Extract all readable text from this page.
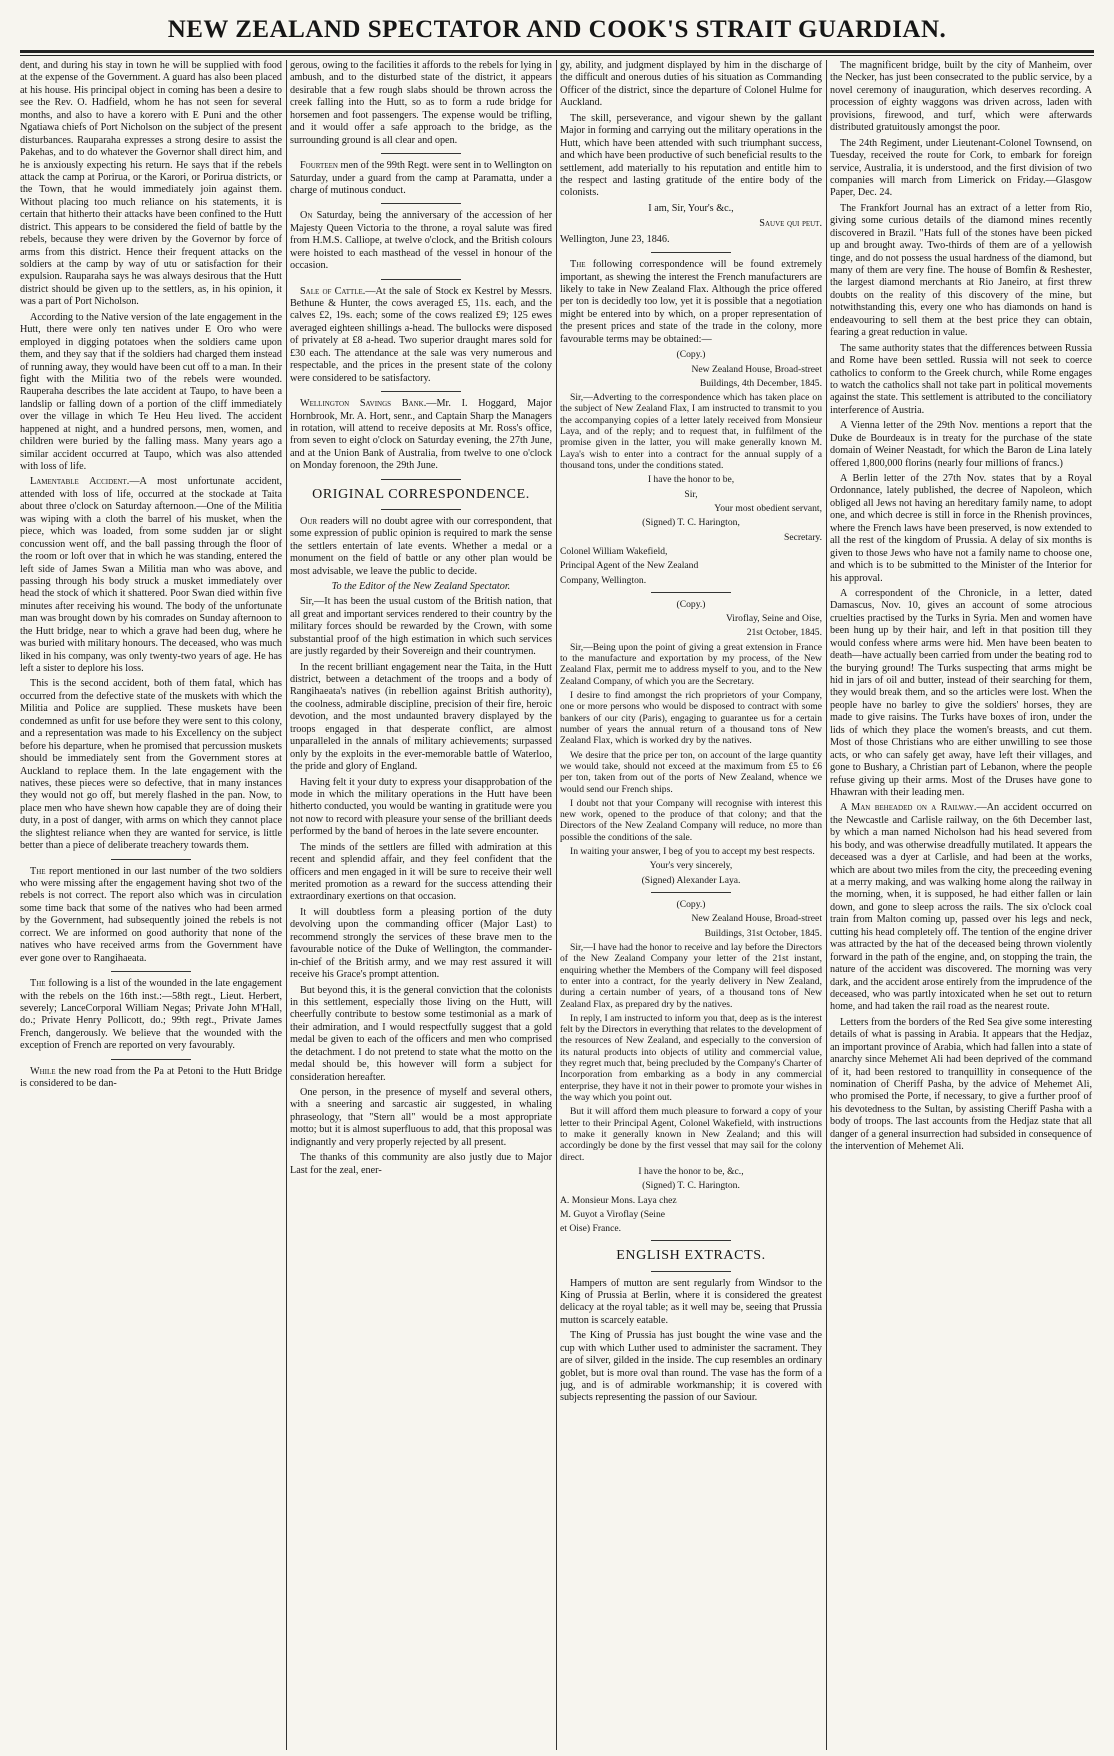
NEW ZEALAND SPECTATOR AND COOK'S STRAIT GUARDIAN.

dent, and during his stay in town he will be supplied with food at the expense of the Government. A guard has also been placed at his house. His principal object in coming has been a desire to see the Rev. O. Hadfield, whom he has not seen for several months, and also to have a korero with E Puni and the other Ngatiawa chiefs of Port Nicholson on the subject of the present disturbances. Rauparaha expresses a strong desire to assist the Pakehas, and to do whatever the Governor shall direct him, and he is anxiously expecting his return. He says that if the rebels attack the camp at Porirua, or the Karori, or Porirua districts, or the Town, that he would immediately join against them. Without placing too much reliance on his statements, it is certain that hitherto their attacks have been confined to the Hutt district. This appears to be considered the field of battle by the rebels, because they were driven by the Governor by force of arms from this district. Hence their frequent attacks on the soldiers at the camp by way of utu or satisfaction for their expulsion. Rauparaha says he was always desirous that the Hutt district should be given up to the settlers, as, in his opinion, it was a part of Port Nicholson.

According to the Native version of the late engagement in the Hutt, there were only ten natives under E Oro who were employed in digging potatoes when the soldiers came upon them, and they say that if the soldiers had charged them instead of running away, they would have been cut off to a man. In their fight with the Militia two of the rebels were wounded. Rauperaha describes the late accident at Taupo, to have been a landslip or falling down of a portion of the cliff immediately over the village in which Te Heu Heu lived. The accident happened at night, and a hundred persons, men, women, and children were buried by the falling mass. Many years ago a similar accident occurred at Taupo, which was also attended with loss of life.

Lamentable Accident.—A most unfortunate accident, attended with loss of life, occurred at the stockade at Taita about three o'clock on Saturday afternoon.—One of the Militia was wiping with a cloth the barrel of his musket, when the piece, which was loaded, from some sudden jar or slight concussion went off, and the ball passing through the floor of the room or loft over that in which he was standing, entered the left side of James Swan a Militia man who was above, and passing through his body struck a musket immediately over head the stock of which it shattered. Poor Swan died within five minutes after receiving his wound. The body of the unfortunate man was brought down by his comrades on Sunday afternoon to the Hutt bridge, near to which a grave had been dug, where he was buried with military honours. The deceased, who was much liked in his company, was only twenty-two years of age. He has left a sister to deplore his loss.

This is the second accident, both of them fatal, which has occurred from the defective state of the muskets with which the Militia and Police are supplied. These muskets have been condemned as unfit for use before they were sent to this colony, and a representation was made to his Excellency on the subject before his departure, when he promised that percussion muskets should be immediately sent from the Government stores at Auckland to replace them. In the late engagement with the natives, these pieces were so defective, that in many instances they would not go off, but merely flashed in the pan. Now, to place men who have shewn how capable they are of doing their duty, in a post of danger, with arms on which they cannot place the slightest reliance when they are wanted for service, is little better than a piece of deliberate treachery towards them.

The report mentioned in our last number of the two soldiers who were missing after the engagement having shot two of the rebels is not correct. The report also which was in circulation some time back that some of the natives who had been armed by the Government, had subsequently joined the rebels is not correct. We are informed on good authority that none of the natives who have received arms from the Government have ever gone over to Rangihaeata.

The following is a list of the wounded in the late engagement with the rebels on the 16th inst.:—58th regt., Lieut. Herbert, severely; LanceCorporal William Negas; Private John M'Hall, do.; Private Henry Pollicott, do.; 99th regt., Private James French, dangerously. We believe that the wounded with the exception of French are reported on very favourably.

While the new road from the Pa at Petoni to the Hutt Bridge is considered to be dan-

gerous, owing to the facilities it affords to the rebels for lying in ambush, and to the disturbed state of the district, it appears desirable that a few rough slabs should be thrown across the creek falling into the Hutt, so as to form a rude bridge for horsemen and foot passengers. The expense would be trifling, and it would offer a safe approach to the bridge, as the surrounding ground is all clear and open.

Fourteen men of the 99th Regt. were sent in to Wellington on Saturday, under a guard from the camp at Paramatta, under a charge of mutinous conduct.

On Saturday, being the anniversary of the accession of her Majesty Queen Victoria to the throne, a royal salute was fired from H.M.S. Calliope, at twelve o'clock, and the British colours were hoisted to each masthead of the vessel in honour of the occasion.

Sale of Cattle.—At the sale of Stock ex Kestrel by Messrs. Bethune & Hunter, the cows averaged £5, 11s. each, and the calves £2, 19s. each; some of the cows realized £9; 125 ewes averaged eighteen shillings a-head. The bullocks were disposed of privately at £8 a-head. Two superior draught mares sold for £30 each. The attendance at the sale was very numerous and respectable, and the prices in the present state of the colony were considered to be satisfactory.

Wellington Savings Bank.—Mr. I. Hoggard, Major Hornbrook, Mr. A. Hort, senr., and Captain Sharp the Managers in rotation, will attend to receive deposits at Mr. Ross's office, from seven to eight o'clock on Saturday evening, the 27th June, and at the Union Bank of Australia, from twelve to one o'clock on Monday forenoon, the 29th June.

ORIGINAL CORRESPONDENCE.

Our readers will no doubt agree with our correspondent, that some expression of public opinion is required to mark the sense the settlers entertain of late events. Whether a medal or a monument on the field of battle or any other plan would be most advisable, we leave the public to decide.

To the Editor of the New Zealand Spectator.

Sir,—It has been the usual custom of the British nation, that all great and important services rendered to their country by the military forces should be rewarded by the Crown, with some substantial proof of the high estimation in which such services are justly regarded by their Sovereign and their countrymen.

In the recent brilliant engagement near the Taita, in the Hutt district, between a detachment of the troops and a body of Rangihaeata's natives (in rebellion against British authority), the coolness, admirable discipline, precision of their fire, heroic devotion, and the most undaunted bravery displayed by the troops engaged in that desperate conflict, are almost unparalleled in the annals of military achievements; surpassed only by the exploits in the ever-memorable battle of Waterloo, the pride and glory of England.

Having felt it your duty to express your disapprobation of the mode in which the military operations in the Hutt have been hitherto conducted, you would be wanting in gratitude were you not now to record with pleasure your sense of the brilliant deeds performed by the band of heroes in the late severe encounter.

The minds of the settlers are filled with admiration at this recent and splendid affair, and they feel confident that the officers and men engaged in it will be sure to receive their well merited promotion as a reward for the success attending their extraordinary exertions on that occasion.

It will doubtless form a pleasing portion of the duty devolving upon the commanding officer (Major Last) to recommend strongly the services of these brave men to the favourable notice of the Duke of Wellington, the commander-in-chief of the British army, and we may rest assured it will receive his Grace's prompt attention.

But beyond this, it is the general conviction that the colonists in this settlement, especially those living on the Hutt, will cheerfully contribute to bestow some testimonial as a mark of their admiration, and I would respectfully suggest that a gold medal be given to each of the officers and men who comprised the detachment. I do not pretend to state what the motto on the medal should be, this however will form a subject for consideration hereafter.

One person, in the presence of myself and several others, with a sneering and sarcastic air suggested, in whaling phraseology, that "Stern all" would be a most appropriate motto; but it is almost superfluous to add, that this proposal was indignantly and very properly rejected by all present.

The thanks of this community are also justly due to Major Last for the zeal, ener-

gy, ability, and judgment displayed by him in the discharge of the difficult and onerous duties of his situation as Commanding Officer of the district, since the departure of Colonel Hulme for Auckland.

The skill, perseverance, and vigour shewn by the gallant Major in forming and carrying out the military operations in the Hutt, which have been attended with such triumphant success, and which have been productive of such beneficial results to the settlement, add materially to his reputation and entitle him to the respect and lasting gratitude of the entire body of the colonists.

I am, Sir, Your's &c.,

Sauve qui peut.

Wellington, June 23, 1846.

The following correspondence will be found extremely important, as shewing the interest the French manufacturers are likely to take in New Zealand Flax. Although the price offered per ton is decidedly too low, yet it is possible that a negotiation might be entered into by which, on a proper representation of the present prices and state of the trade in the colony, more favourable terms may be obtained:—

(Copy.)

New Zealand House, Broad-street

Buildings, 4th December, 1845.

Sir,—Adverting to the correspondence which has taken place on the subject of New Zealand Flax, I am instructed to transmit to you the accompanying copies of a letter lately received from Monsieur Laya, and of the reply; and to request that, in fulfilment of the promise given in the latter, you will make generally known M. Laya's wish to enter into a contract for the annual supply of a thousand tons, under the conditions stated.

I have the honor to be,

Sir,

Your most obedient servant,

(Signed) T. C. Harington,

Secretary.

Colonel William Wakefield,

Principal Agent of the New Zealand

Company, Wellington.

(Copy.)

Viroflay, Seine and Oise,

21st October, 1845.

Sir,—Being upon the point of giving a great extension in France to the manufacture and exportation by my process, of the New Zealand Flax, permit me to address myself to you, and to the New Zealand Company, of which you are the Secretary.

I desire to find amongst the rich proprietors of your Company, one or more persons who would be disposed to contract with some bankers of our city (Paris), engaging to guarantee us for a certain number of years the annual return of a thousand tons of New Zealand Flax, which is worked dry by the natives.

We desire that the price per ton, on account of the large quantity we would take, should not exceed at the maximum from £5 to £6 per ton, taken from out of the ports of New Zealand, whence we would send our French ships.

I doubt not that your Company will recognise with interest this new work, opened to the produce of that colony; and that the Directors of the New Zealand Company will reduce, no more than possible the conditions of the sale.

In waiting your answer, I beg of you to accept my best respects.

Your's very sincerely,

(Signed) Alexander Laya.

(Copy.)

New Zealand House, Broad-street

Buildings, 31st October, 1845.

Sir,—I have had the honor to receive and lay before the Directors of the New Zealand Company your letter of the 21st instant, enquiring whether the Members of the Company will feel disposed to enter into a contract, for the yearly delivery in New Zealand, during a certain number of years, of a thousand tons of New Zealand Flax, as prepared dry by the natives.

In reply, I am instructed to inform you that, deep as is the interest felt by the Directors in everything that relates to the development of the resources of New Zealand, and especially to the conversion of its natural products into objects of utility and commercial value, they regret much that, being precluded by the Company's Charter of Incorporation from embarking as a body in any commercial enterprise, they have it not in their power to promote your wishes in the way which you point out.

But it will afford them much pleasure to forward a copy of your letter to their Principal Agent, Colonel Wakefield, with instructions to make it generally known in New Zealand; and this will accordingly be done by the first vessel that may sail for the colony direct.

I have the honor to be, &c.,

(Signed) T. C. Harington.

A. Monsieur Mons. Laya chez

M. Guyot a Viroflay (Seine

et Oise) France.

ENGLISH EXTRACTS.

Hampers of mutton are sent regularly from Windsor to the King of Prussia at Berlin, where it is considered the greatest delicacy at the royal table; as it well may be, seeing that Prussia mutton is scarcely eatable.

The King of Prussia has just bought the wine vase and the cup with which Luther used to administer the sacrament. They are of silver, gilded in the inside. The cup resembles an ordinary goblet, but is more oval than round. The vase has the form of a jug, and is of admirable workmanship; it is covered with subjects representing the passion of our Saviour.

The magnificent bridge, built by the city of Manheim, over the Necker, has just been consecrated to the public service, by a novel ceremony of inauguration, which deserves recording. A procession of eighty waggons was driven across, laden with provisions, firewood, and turf, which were afterwards distributed gratuitously amongst the poor.

The 24th Regiment, under Lieutenant-Colonel Townsend, on Tuesday, received the route for Cork, to embark for foreign service, Australia, it is understood, and the first division of two companies will march from Limerick on Friday.—Glasgow Paper, Dec. 24.

The Frankfort Journal has an extract of a letter from Rio, giving some curious details of the diamond mines recently discovered in Brazil. "Hats full of the stones have been picked up and brought away. Two-thirds of them are of a yellowish tinge, and do not possess the usual hardness of the diamond, but many of them are very fine. The house of Bomfin & Reshester, the largest diamond merchants at Rio Janeiro, at first threw doubts on the reality of this discovery of the mine, but notwithstanding this, every one who has diamonds on hand is endeavouring to sell them at the best price they can obtain, fearing a great reduction in value.

The same authority states that the differences between Russia and Rome have been settled. Russia will not seek to coerce catholics to conform to the Greek church, while Rome engages to watch the catholics shall not take part in political movements against the state. This settlement is attributed to the conciliatory interference of Austria.

A Vienna letter of the 29th Nov. mentions a report that the Duke de Bourdeaux is in treaty for the purchase of the state domain of Weiner Neastadt, for which the Baron de Lina lately offered 1,800,000 florins (nearly four millions of francs.)

A Berlin letter of the 27th Nov. states that by a Royal Ordonnance, lately published, the decree of Napoleon, which obliged all Jews not having an hereditary family name, to adopt one, and which decree is still in force in the Rhenish provinces, where the French laws have been preserved, is now extended to all the rest of the kingdom of Prussia. A delay of six months is given to those Jews who have not a family name to choose one, and which is to be submitted to the Minister of the Interior for his approval.

A correspondent of the Chronicle, in a letter, dated Damascus, Nov. 10, gives an account of some atrocious cruelties practised by the Turks in Syria. Men and women have been hung up by their hair, and left in that position till they would confess where arms were hid. Men have been beaten to death—have actually been carried from under the beating rod to the burying ground! The Turks suspecting that arms might be hid in jars of oil and butter, instead of their searching for them, they would break them, and so the articles were lost. When the people have no barley to give the soldiers' horses, they are made to give raisins. The Turks have boxes of iron, under the lids of which they place the women's breasts, and cut them. Most of those Christians who are either unwilling to see those acts, or who can safely get away, have left their villages, and gone to Bushary, a Christian part of Lebanon, where the people refuse giving up their arms. Most of the Druses have gone to Hhawran with their leading men.

A Man beheaded on a Railway.—An accident occurred on the Newcastle and Carlisle railway, on the 6th December last, by which a man named Nicholson had his head severed from his body, and was otherwise dreadfully mutilated. It appears the deceased was a dyer at Carlisle, and had been at the works, which are about two miles from the city, the preceeding evening at a merry making, and was walking home along the railway in the morning, when, it is supposed, he had either fallen or lain down, and gone to sleep across the rails. The six o'clock coal train from Malton coming up, passed over his legs and neck, cutting his head completely off. The tention of the engine driver was attracted by the hat of the deceased being thrown violently forward in the path of the engine, and, on stopping the train, the nature of the accident was discovered. The morning was very dark, and the accident arose entirely from the imprudence of the deceased, who was partly intoxicated when he set out to return home, and had taken the rail road as the nearest route.

Letters from the borders of the Red Sea give some interesting details of what is passing in Arabia. It appears that the Hedjaz, an important province of Arabia, which had fallen into a state of anarchy since Mehemet Ali had been deprived of the command of it, had been restored to tranquillity in consequence of the nomination of Cheriff Pasha, by the advice of Mehemet Ali, who promised the Porte, if necessary, to give a further proof of his devotedness to the Sultan, by assisting Cheriff Pasha with a body of troops. The last accounts from the Hedjaz state that all danger of a general insurrection had subsided in consequence of the intervention of Mehemet Ali.
